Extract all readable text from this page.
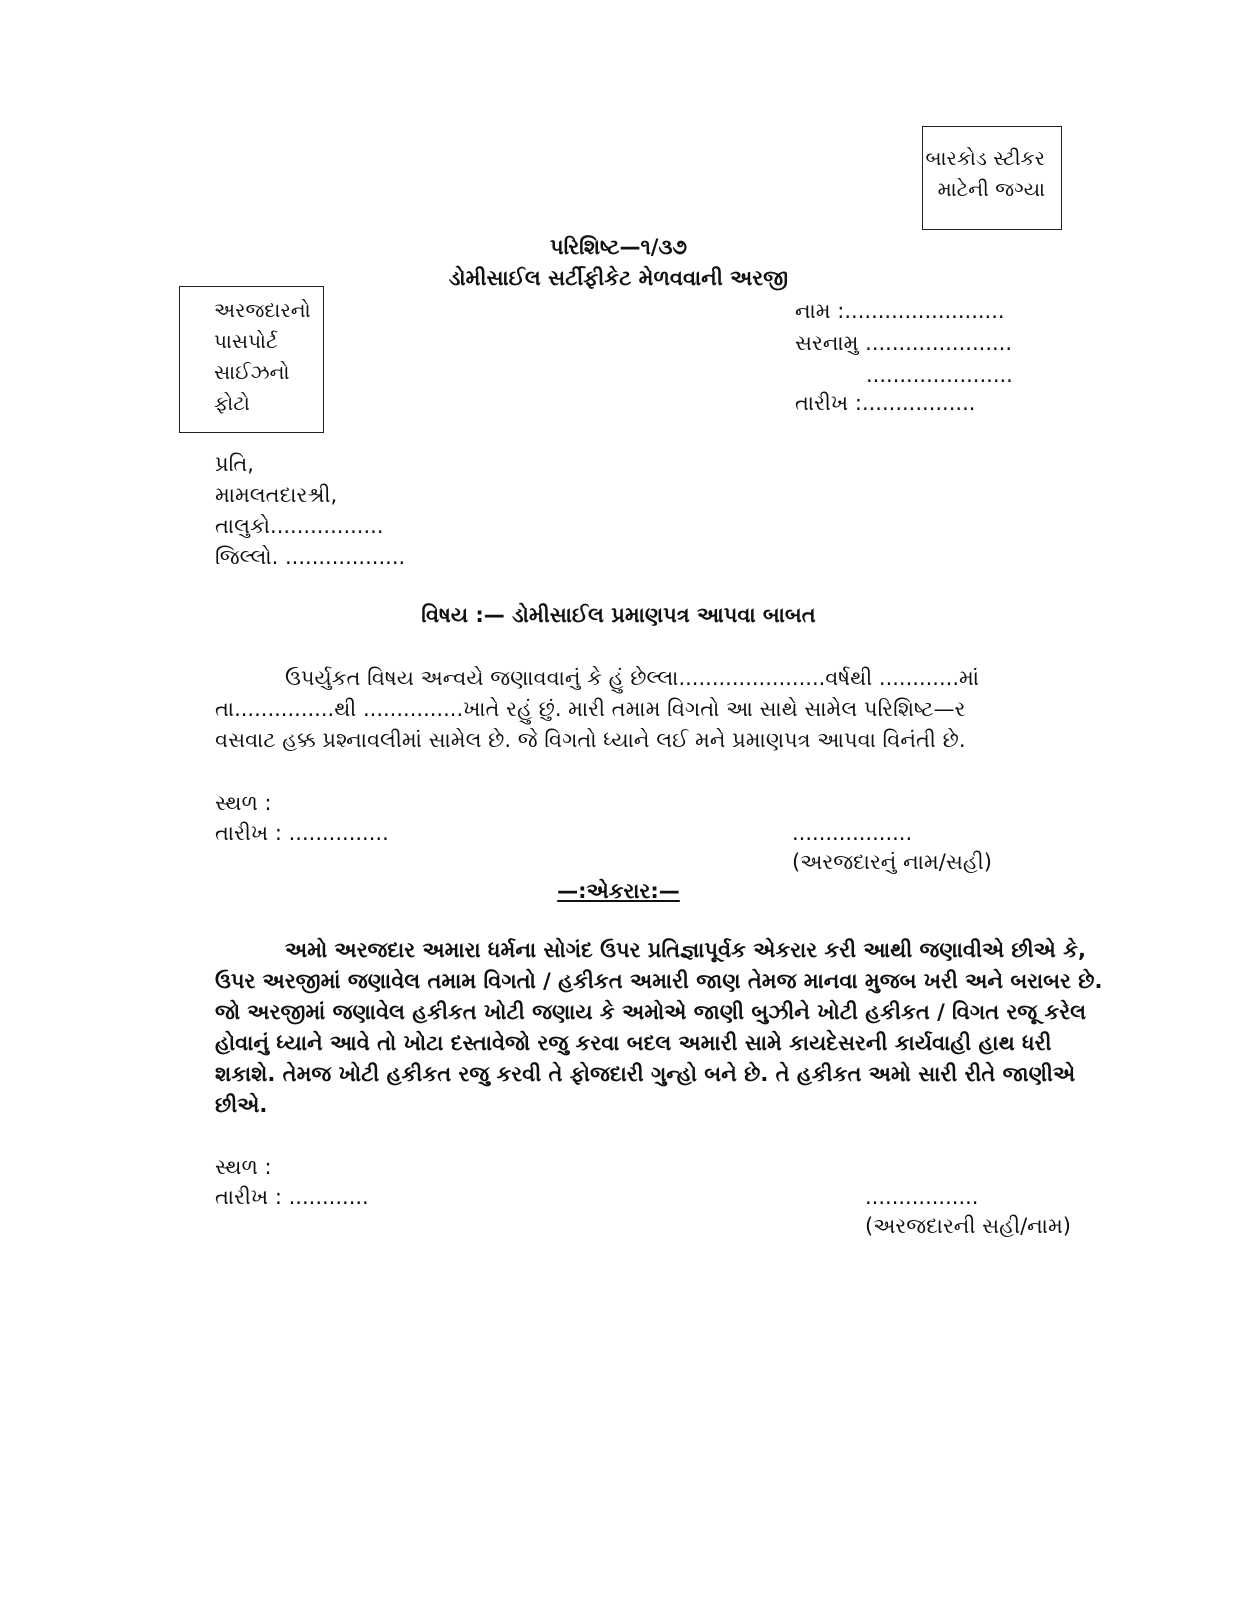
બારકોડ સ્ટીકર
માટેની જગ્યા
પરિશિષ્ટ—૧/૩૭
ડોમીસાઈલ સર્ટીફીકેટ મેળવવાની અરજી
અરજદારનો
પાસપોર્ટ
સાઈઝનો
ફોટો
નામ :........................
સરનામુ ......................
......................
તારીખ :.................
પ્રતિ,
મામલતદારશ્રી,
તાલુકો.................
જિલ્લો. ..................
વિષય :— ડોમીસાઈલ પ્રમાણપત્ર આપવા બાબત
ઉપર્યુકત વિષય અન્વયે જણાવવાનું કે હું છેલ્લા......................વર્ષથી ............માં
તા...............થી ...............ખાતે રહું છું. મારી તમામ વિગતો આ સાથે સામેલ પરિશિષ્ટ—ર
વસવાટ હક્ક પ્રશ્નાવલીમાં સામેલ છે. જે વિગતો ધ્યાને લઈ મને પ્રમાણપત્ર આપવા વિનંતી છે.
સ્થળ :
તારીખ : ...............	..................
(અરજદારનું નામ/સહી)
—:એકરાર:—
અમો અરજદાર અમારા ધર્મના સોગંદ ઉપર પ્રતિજ્ઞાપૂર્વક એકરાર કરી આથી જણાવીએ છીએ કે,
ઉપર અરજીમાં જણાવેલ તમામ વિગતો / હકીકત અમારી જાણ તેમજ માનવા મુજબ ખરી અને બરાબર છે.
જો અરજીમાં જણાવેલ હકીકત ખોટી જણાય કે અમોએ જાણી બુઝીને ખોટી હકીકત / વિગત રજૂ કરેલ
હોવાનું ધ્યાને આવે તો ખોટા દસ્તાવેજો રજુ કરવા બદલ અમારી સામે કાયદેસરની કાર્યવાહી હાથ ધરી
શકાશે. તેમજ ખોટી હકીકત રજુ કરવી તે ફોજદારી ગુન્હો બને છે. તે હકીકત અમો સારી રીતે જાણીએ
છીએ.
સ્થળ :
તારીખ : ............	.................
(અરજદારની સહી/નામ)
